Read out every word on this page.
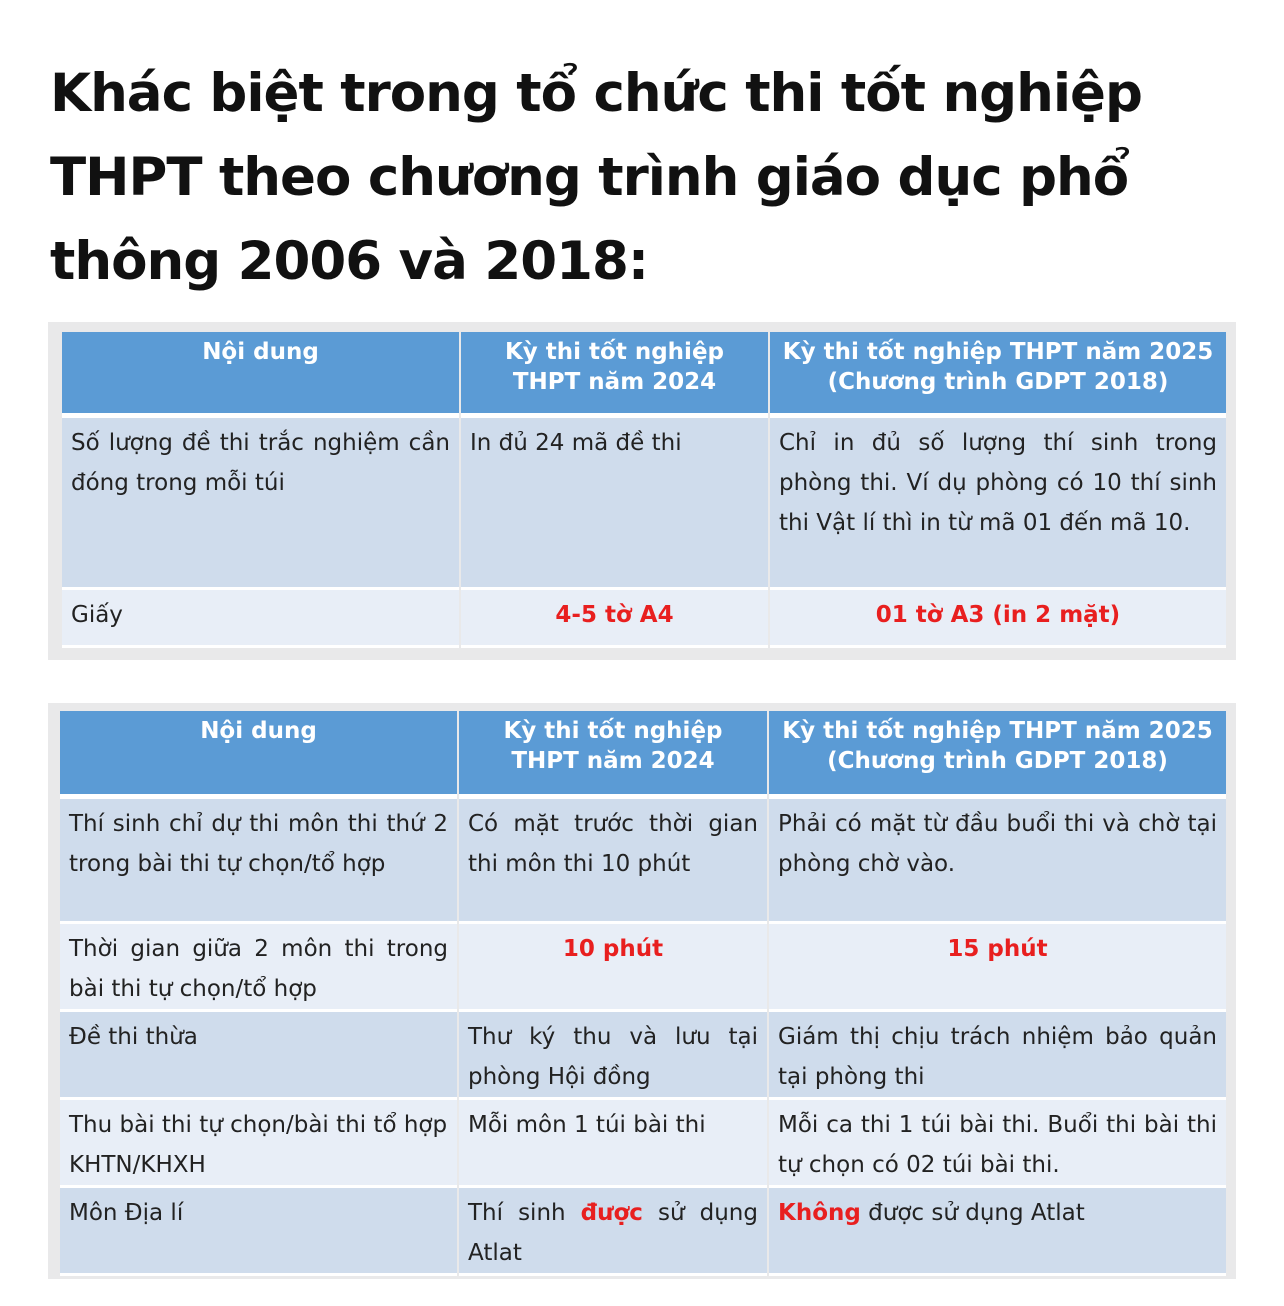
Khác biệt trong tổ chức thi tốt nghiệp THPT theo chương trình giáo dục phổ thông 2006 và 2018:
Nội dung	Kỳ thi tốt nghiệp THPT năm 2024	Kỳ thi tốt nghiệp THPT năm 2025 (Chương trình GDPT 2018)
Số lượng đề thi trắc nghiệm cần đóng trong mỗi túi	In đủ 24 mã đề thi	Chỉ in đủ số lượng thí sinh trong phòng thi. Ví dụ phòng có 10 thí sinh thi Vật lí thì in từ mã 01 đến mã 10.
Giấy	4-5 tờ A4	01 tờ A3 (in 2 mặt)
Nội dung	Kỳ thi tốt nghiệp THPT năm 2024	Kỳ thi tốt nghiệp THPT năm 2025 (Chương trình GDPT 2018)
Thí sinh chỉ dự thi môn thi thứ 2 trong bài thi tự chọn/tổ hợp	Có mặt trước thời gian thi môn thi 10 phút	Phải có mặt từ đầu buổi thi và chờ tại phòng chờ vào.
Thời gian giữa 2 môn thi trong bài thi tự chọn/tổ hợp	10 phút	15 phút
Đề thi thừa	Thư ký thu và lưu tại phòng Hội đồng	Giám thị chịu trách nhiệm bảo quản tại phòng thi
Thu bài thi tự chọn/bài thi tổ hợp KHTN/KHXH	Mỗi môn 1 túi bài thi	Mỗi ca thi 1 túi bài thi. Buổi thi bài thi tự chọn có 02 túi bài thi.
Môn Địa lí	Thí sinh được sử dụng Atlat	Không được sử dụng Atlat
